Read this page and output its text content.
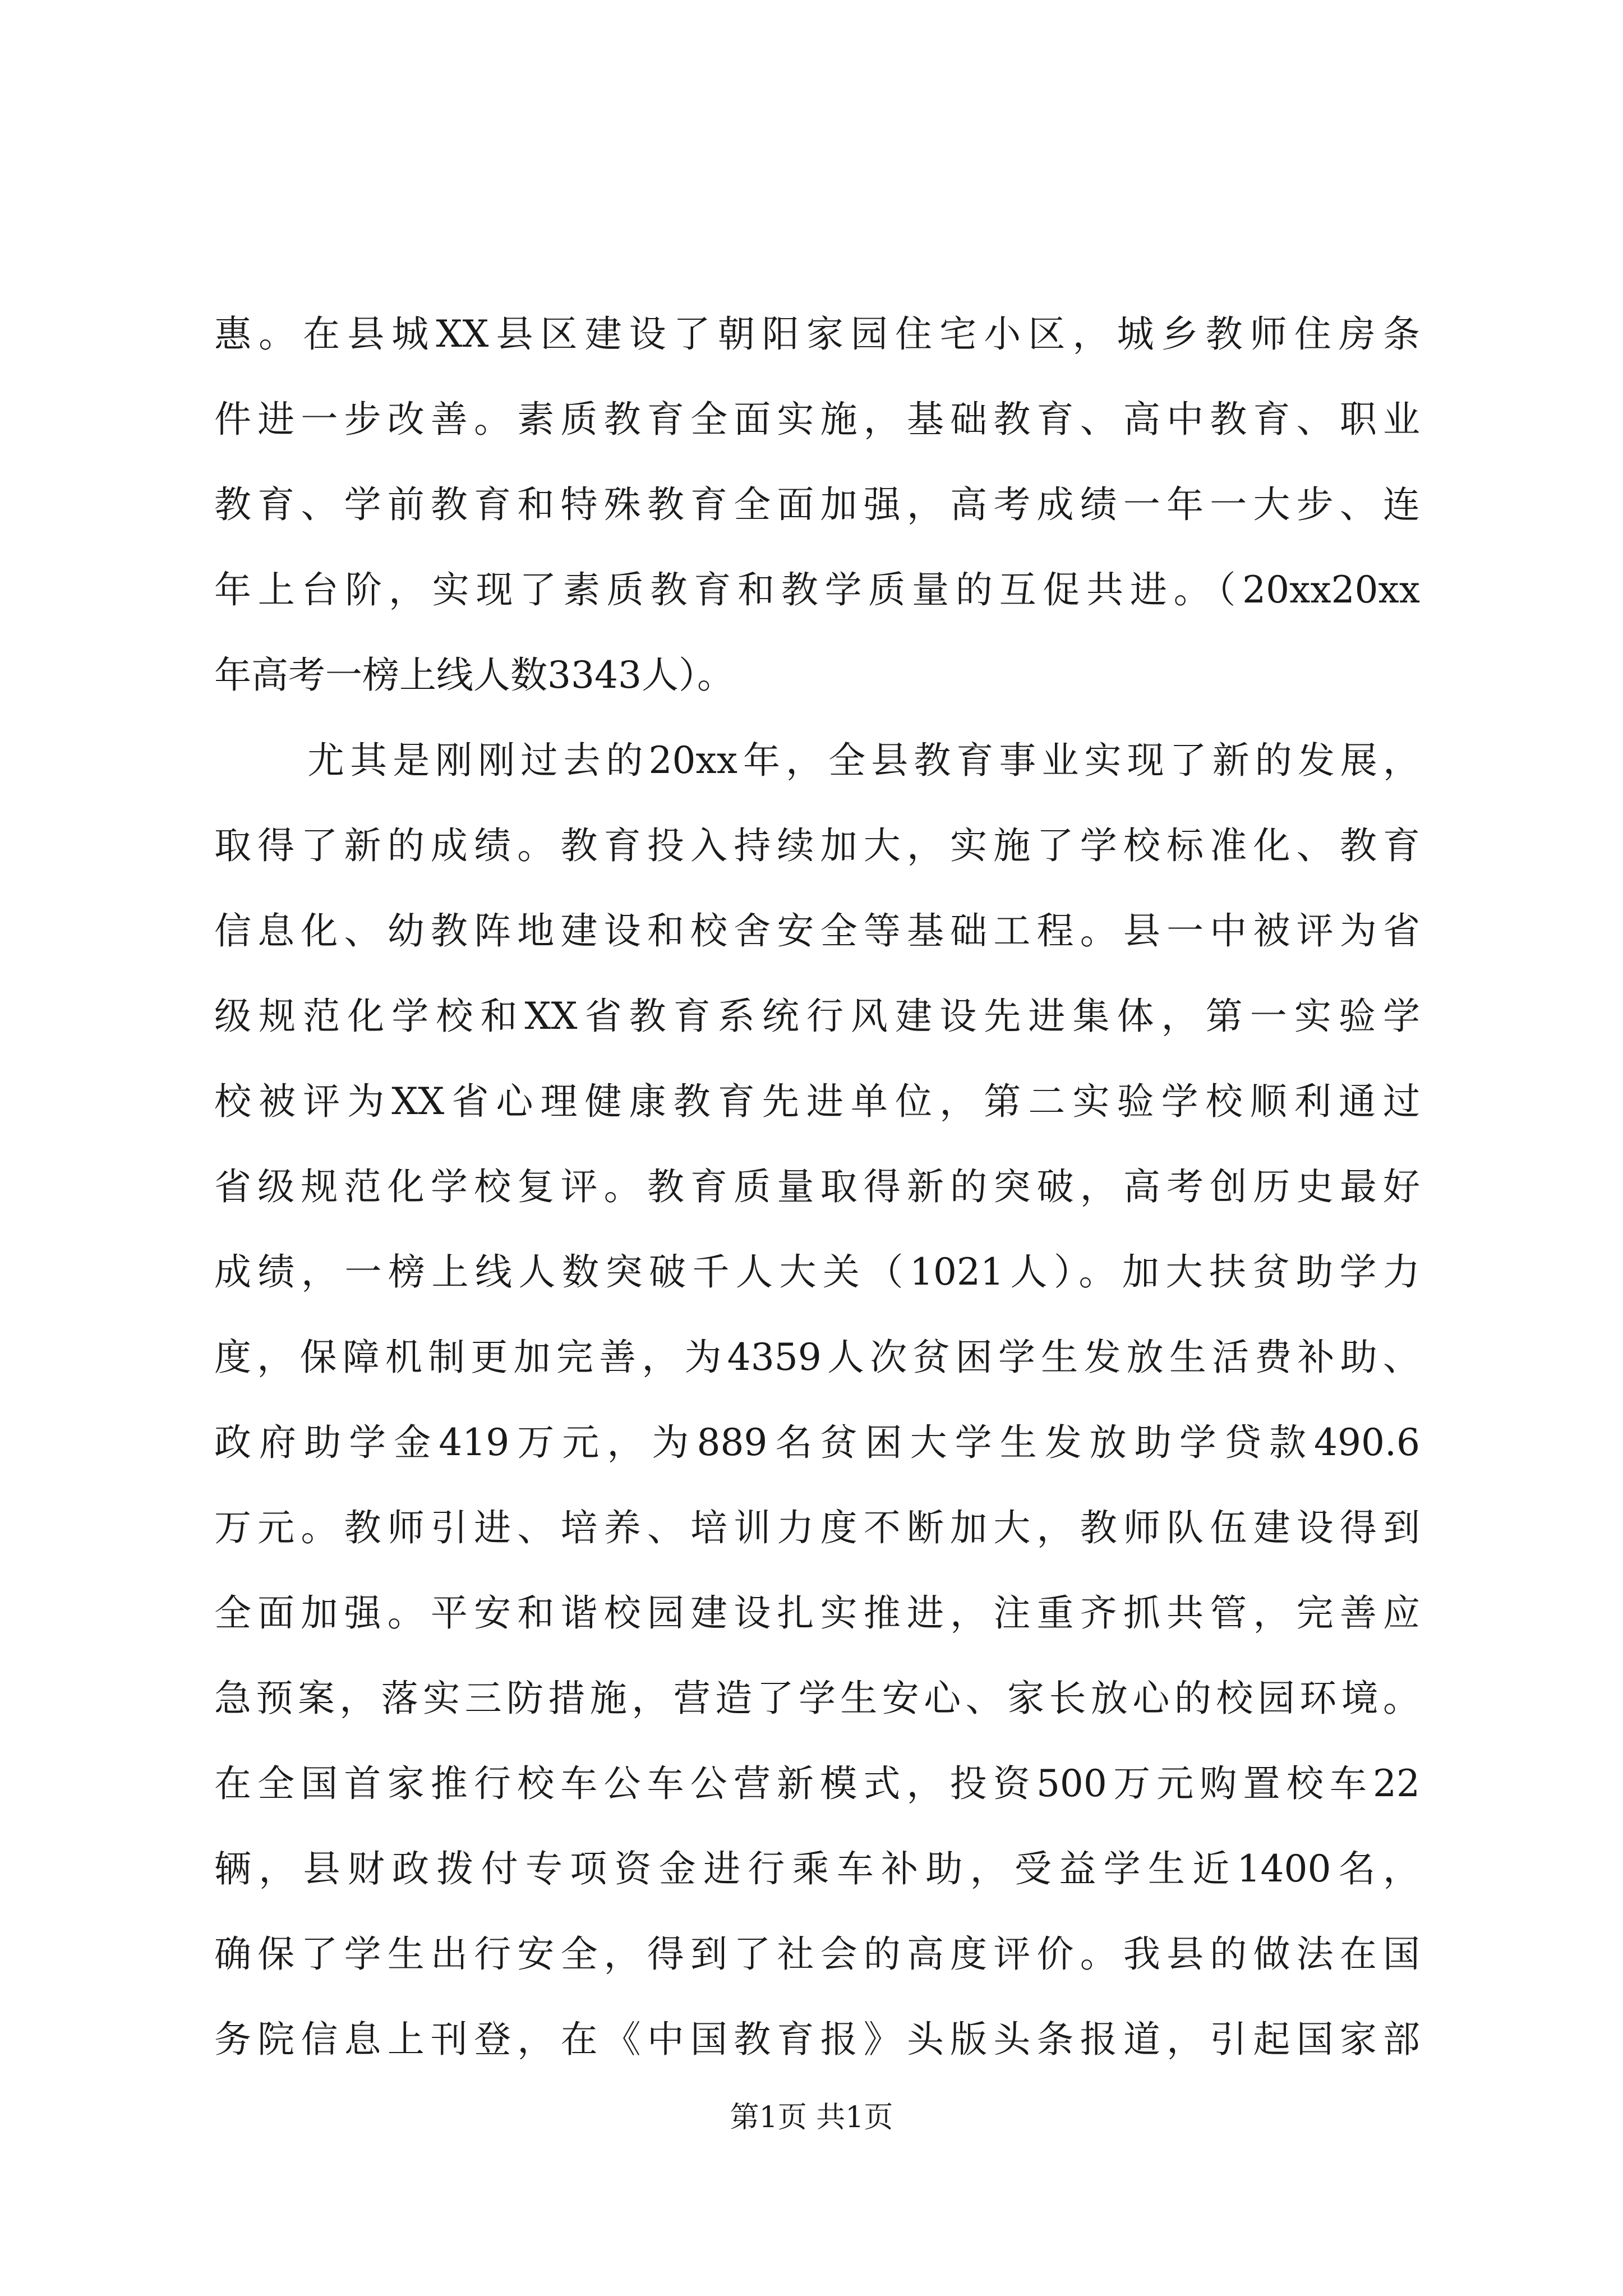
惠。在县城XX县区建设了朝阳家园住宅小区，城乡教师住房条
件进一步改善。素质教育全面实施，基础教育、高中教育、职业
教育、学前教育和特殊教育全面加强，高考成绩一年一大步、连
年上台阶，实现了素质教育和教学质量的互促共进。（20xx20xx
年高考一榜上线人数3343人）。
尤其是刚刚过去的20xx年，全县教育事业实现了新的发展，
取得了新的成绩。教育投入持续加大，实施了学校标准化、教育
信息化、幼教阵地建设和校舍安全等基础工程。县一中被评为省
级规范化学校和XX省教育系统行风建设先进集体，第一实验学
校被评为XX省心理健康教育先进单位，第二实验学校顺利通过
省级规范化学校复评。教育质量取得新的突破，高考创历史最好
成绩，一榜上线人数突破千人大关（1021人）。加大扶贫助学力
度，保障机制更加完善，为4359人次贫困学生发放生活费补助、
政府助学金419万元，为889名贫困大学生发放助学贷款490.6
万元。教师引进、培养、培训力度不断加大，教师队伍建设得到
全面加强。平安和谐校园建设扎实推进，注重齐抓共管，完善应
急预案，落实三防措施，营造了学生安心、家长放心的校园环境。
在全国首家推行校车公车公营新模式，投资500万元购置校车22
辆，县财政拨付专项资金进行乘车补助，受益学生近1400名，
确保了学生出行安全，得到了社会的高度评价。我县的做法在国
务院信息上刊登，在《中国教育报》头版头条报道，引起国家部
第1页 共1页
